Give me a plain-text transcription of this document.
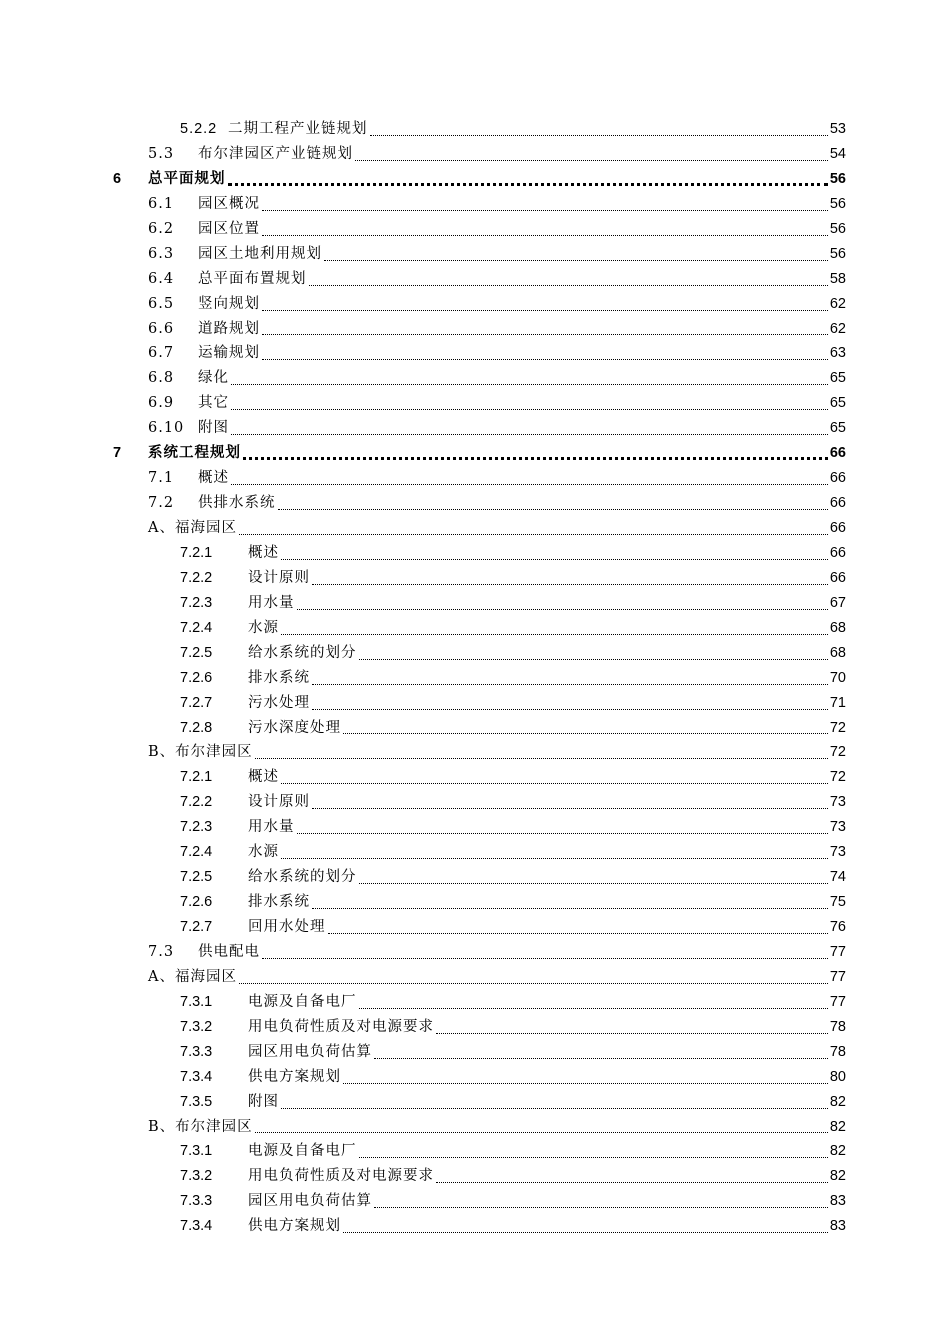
5.2.2 二期工程产业链规划	53
5.3 布尔津园区产业链规划	54
6 总平面规划	56
6.1 园区概况	56
6.2 园区位置	56
6.3 园区土地利用规划	56
6.4 总平面布置规划	58
6.5 竖向规划	62
6.6 道路规划	62
6.7 运输规划	63
6.8 绿化	65
6.9 其它	65
6.10 附图	65
7 系统工程规划	66
7.1 概述	66
7.2 供排水系统	66
A、福海园区	66
7.2.1 概述	66
7.2.2 设计原则	66
7.2.3 用水量	67
7.2.4 水源	68
7.2.5 给水系统的划分	68
7.2.6 排水系统	70
7.2.7 污水处理	71
7.2.8 污水深度处理	72
B、布尔津园区	72
7.2.1 概述	72
7.2.2 设计原则	73
7.2.3 用水量	73
7.2.4 水源	73
7.2.5 给水系统的划分	74
7.2.6 排水系统	75
7.2.7 回用水处理	76
7.3 供电配电	77
A、福海园区	77
7.3.1 电源及自备电厂	77
7.3.2 用电负荷性质及对电源要求	78
7.3.3 园区用电负荷估算	78
7.3.4 供电方案规划	80
7.3.5 附图	82
B、布尔津园区	82
7.3.1 电源及自备电厂	82
7.3.2 用电负荷性质及对电源要求	82
7.3.3 园区用电负荷估算	83
7.3.4 供电方案规划	83
